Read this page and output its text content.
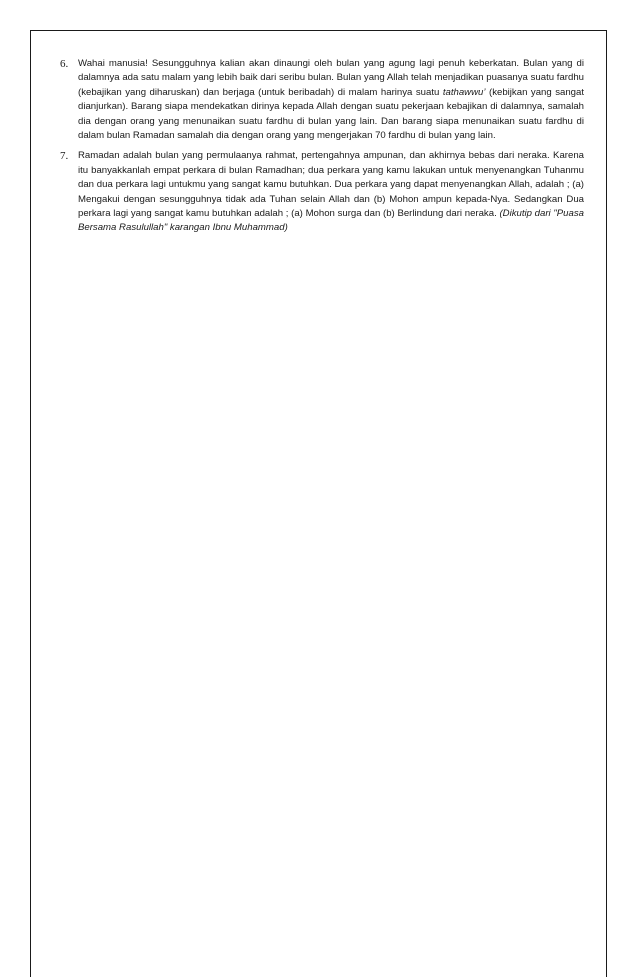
6. Wahai manusia! Sesungguhnya kalian akan dinaungi oleh bulan yang agung lagi penuh keberkatan. Bulan yang di dalamnya ada satu malam yang lebih baik dari seribu bulan. Bulan yang Allah telah menjadikan puasanya suatu fardhu (kebajikan yang diharuskan) dan berjaga (untuk beribadah) di malam harinya suatu tathawwu’ (kebijkan yang sangat dianjurkan). Barang siapa mendekatkan dirinya kepada Allah dengan suatu pekerjaan kebajikan di dalamnya, samalah dia dengan orang yang menunaikan suatu fardhu di bulan yang lain. Dan barang siapa menunaikan suatu fardhu di dalam bulan Ramadan samalah dia dengan orang yang mengerjakan 70 fardhu di bulan yang lain.
7. Ramadan adalah bulan yang permulaanya rahmat, pertengahnya ampunan, dan akhirnya bebas dari neraka. Karena itu banyakkanlah empat perkara di bulan Ramadhan; dua perkara yang kamu lakukan untuk menyenangkan Tuhanmu dan dua perkara lagi untukmu yang sangat kamu butuhkan. Dua perkara yang dapat menyenangkan Allah, adalah ; (a) Mengakui dengan sesungguhnya tidak ada Tuhan selain Allah dan (b) Mohon ampun kepada-Nya. Sedangkan Dua perkara lagi yang sangat kamu butuhkan adalah ; (a) Mohon surga dan (b) Berlindung dari neraka. (Dikutip dari "Puasa Bersama Rasulullah" karangan Ibnu Muhammad)
